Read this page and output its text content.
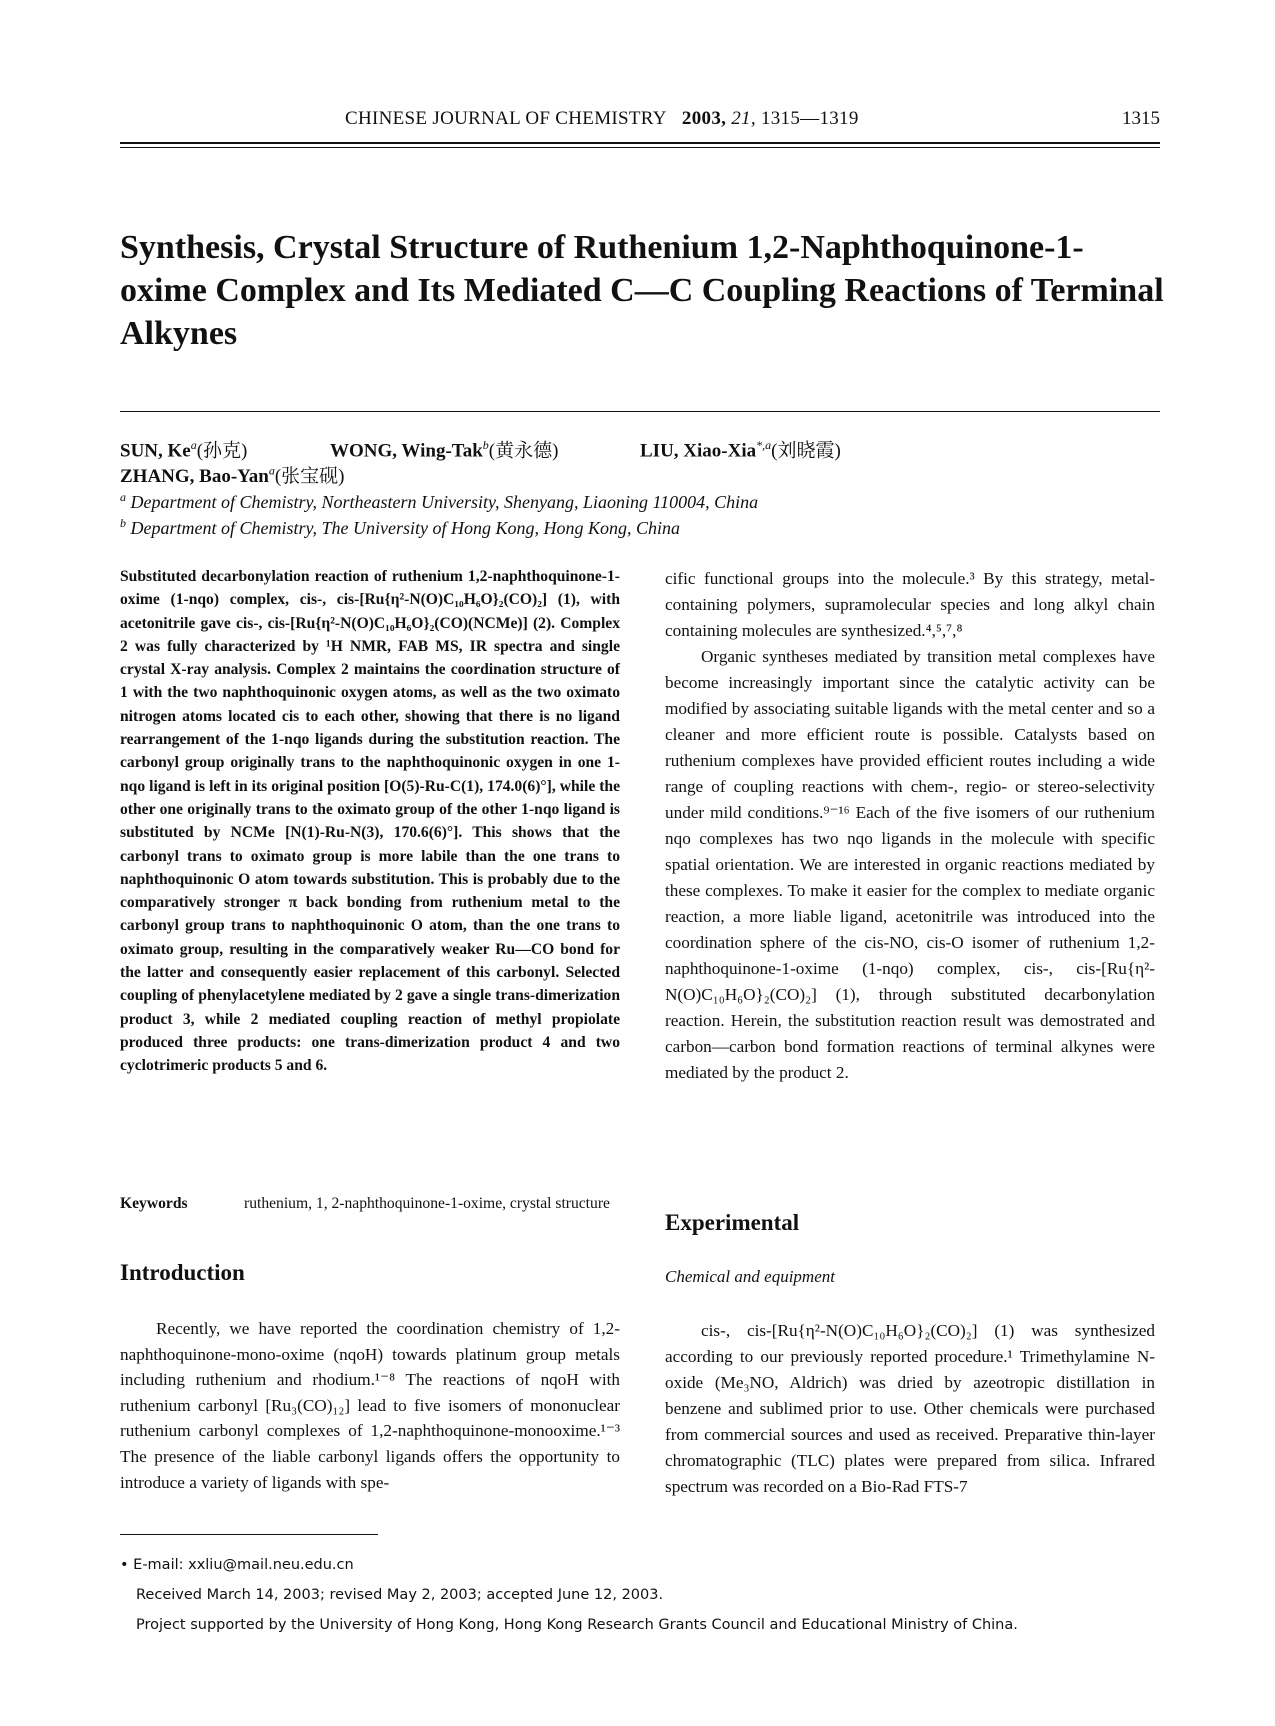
CHINESE JOURNAL OF CHEMISTRY 2003, 21, 1315—1319	1315
Synthesis, Crystal Structure of Ruthenium 1,2-Naphthoquinone-1-oxime Complex and Its Mediated C—C Coupling Reactions of Terminal Alkynes
SUN, Ke$^a$(孙克)	WONG, Wing-Tak$^b$(黄永德)	LIU, Xiao-Xia$^{*,a}$(刘晓霞)
ZHANG, Bao-Yan$^a$(张宝砚)
$^a$ Department of Chemistry, Northeastern University, Shenyang, Liaoning 110004, China
$^b$ Department of Chemistry, The University of Hong Kong, Hong Kong, China
Substituted decarbonylation reaction of ruthenium 1,2-naphthoquinone-1-oxime (1-nqo) complex, cis-, cis-[Ru{η²-N(O)C₁₀H₆O}₂(CO)₂] (1), with acetonitrile gave cis-, cis-[Ru{η²-N(O)C₁₀H₆O}₂(CO)(NCMe)] (2). Complex 2 was fully characterized by ¹H NMR, FAB MS, IR spectra and single crystal X-ray analysis. Complex 2 maintains the coordination structure of 1 with the two naphthoquinonic oxygen atoms, as well as the two oximato nitrogen atoms located cis to each other, showing that there is no ligand rearrangement of the 1-nqo ligands during the substitution reaction. The carbonyl group originally trans to the naphthoquinonic oxygen in one 1-nqo ligand is left in its original position [O(5)-Ru-C(1), 174.0(6)°], while the other one originally trans to the oximato group of the other 1-nqo ligand is substituted by NCMe [N(1)-Ru-N(3), 170.6(6)°]. This shows that the carbonyl trans to oximato group is more labile than the one trans to naphthoquinonic O atom towards substitution. This is probably due to the comparatively stronger π back bonding from ruthenium metal to the carbonyl group trans to naphthoquinonic O atom, than the one trans to oximato group, resulting in the comparatively weaker Ru—CO bond for the latter and consequently easier replacement of this carbonyl. Selected coupling of phenylacetylene mediated by 2 gave a single trans-dimerization product 3, while 2 mediated coupling reaction of methyl propiolate produced three products: one trans-dimerization product 4 and two cyclotrimeric products 5 and 6.
Keywords	ruthenium, 1, 2-naphthoquinone-1-oxime, crystal structure
Introduction

Recently, we have reported the coordination chemistry of 1,2-naphthoquinone-mono-oxime (nqoH) towards platinum group metals including ruthenium and rhodium.¹⁻⁸ The reactions of nqoH with ruthenium carbonyl [Ru₃(CO)₁₂] lead to five isomers of mononuclear ruthenium carbonyl complexes of 1,2-naphthoquinone-monooxime.¹⁻³ The presence of the liable carbonyl ligands offers the opportunity to introduce a variety of ligands with spe-

cific functional groups into the molecule.³ By this strategy, metal-containing polymers, supramolecular species and long alkyl chain containing molecules are synthesized.⁴,⁵,⁷,⁸

Organic syntheses mediated by transition metal complexes have become increasingly important since the catalytic activity can be modified by associating suitable ligands with the metal center and so a cleaner and more efficient route is possible. Catalysts based on ruthenium complexes have provided efficient routes including a wide range of coupling reactions with chem-, regio- or stereo-selectivity under mild conditions.⁹⁻¹⁶ Each of the five isomers of our ruthenium nqo complexes has two nqo ligands in the molecule with specific spatial orientation. We are interested in organic reactions mediated by these complexes. To make it easier for the complex to mediate organic reaction, a more liable ligand, acetonitrile was introduced into the coordination sphere of the cis-NO, cis-O isomer of ruthenium 1,2-naphthoquinone-1-oxime (1-nqo) complex, cis-, cis-[Ru{η²-N(O)C₁₀H₆O}₂(CO)₂] (1), through substituted decarbonylation reaction. Herein, the substitution reaction result was demostrated and carbon—carbon bond formation reactions of terminal alkynes were mediated by the product 2.

Experimental
Chemical and equipment

cis-, cis-[Ru{η²-N(O)C₁₀H₆O}₂(CO)₂] (1) was synthesized according to our previously reported procedure.¹ Trimethylamine N-oxide (Me₃NO, Aldrich) was dried by azeotropic distillation in benzene and sublimed prior to use. Other chemicals were purchased from commercial sources and used as received. Preparative thin-layer chromatographic (TLC) plates were prepared from silica. Infrared spectrum was recorded on a Bio-Rad FTS-7

• E-mail: xxliu@mail.neu.edu.cn
Received March 14, 2003; revised May 2, 2003; accepted June 12, 2003.
Project supported by the University of Hong Kong, Hong Kong Research Grants Council and Educational Ministry of China.
